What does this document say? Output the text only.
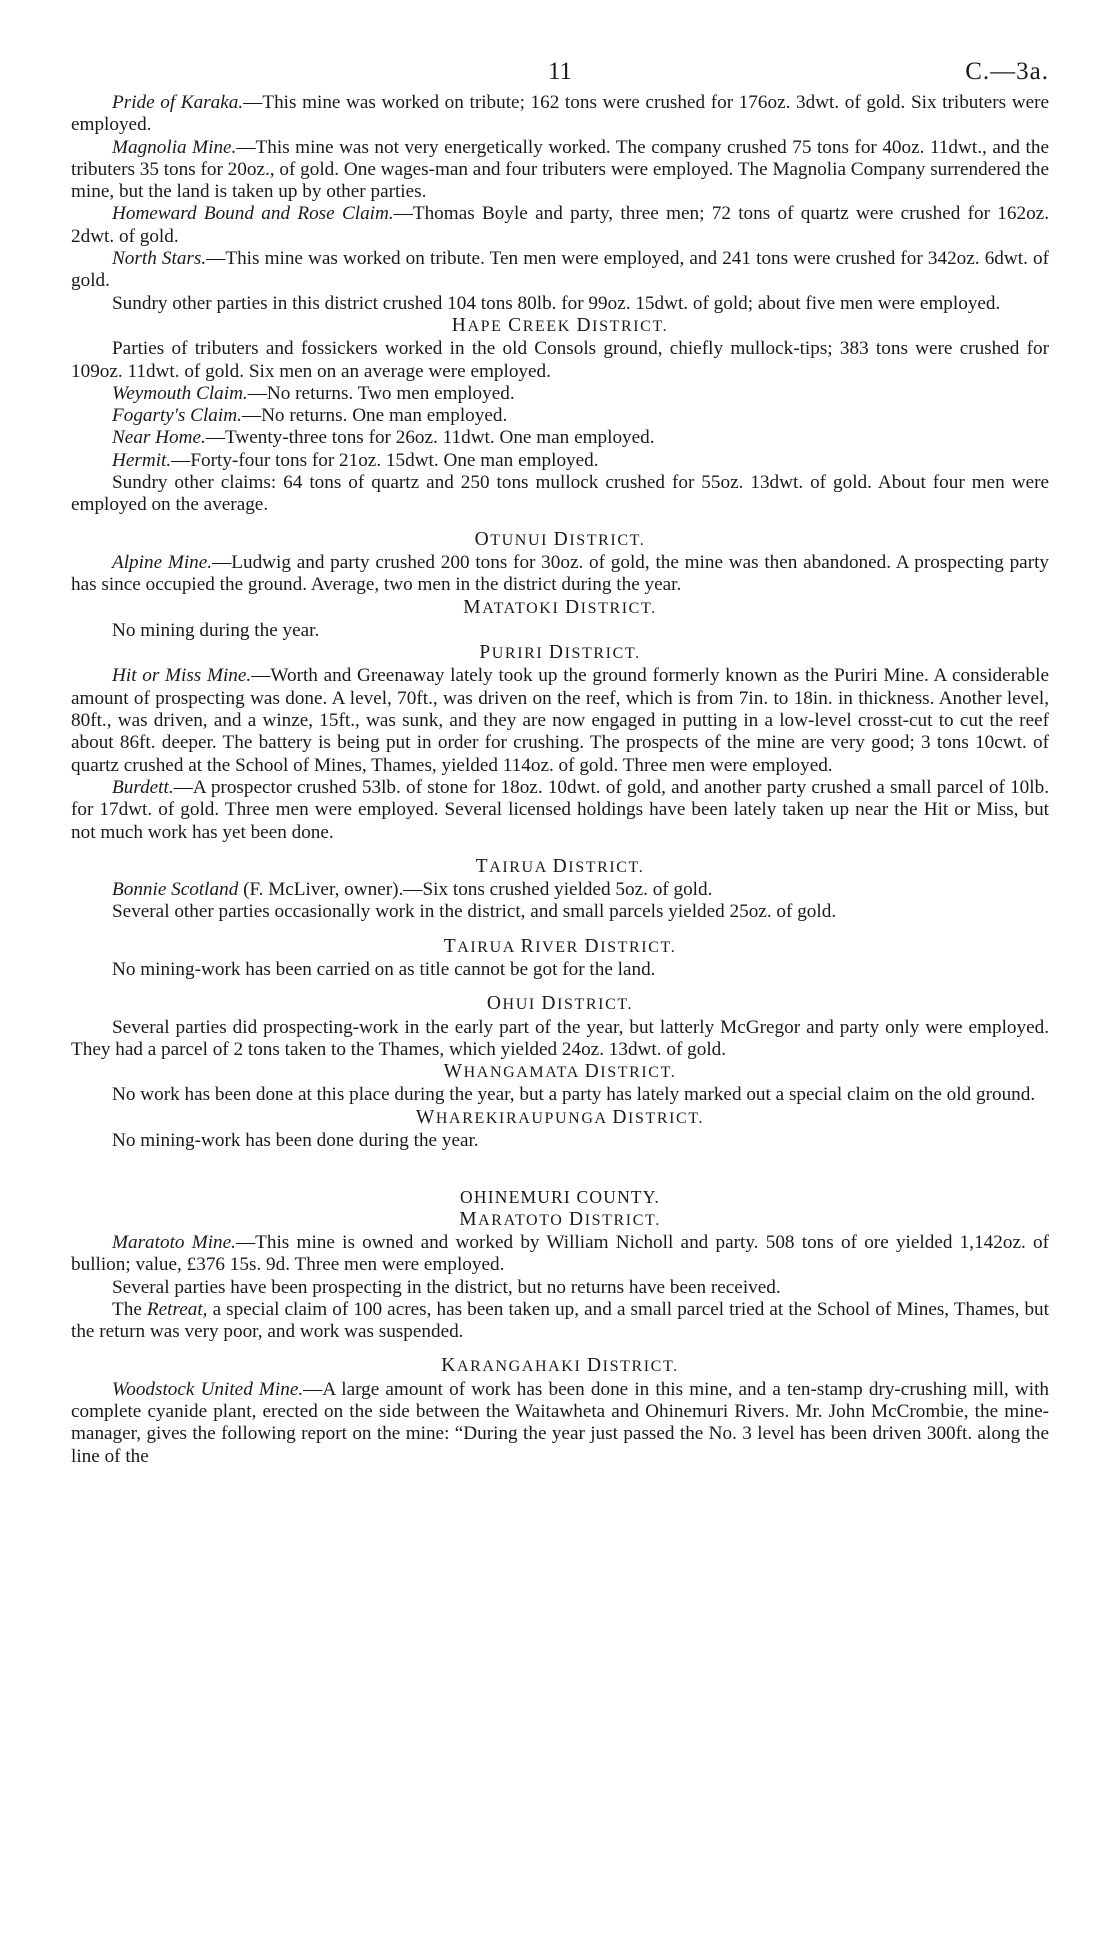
11	C.—3a.

Pride of Karaka.—This mine was worked on tribute; 162 tons were crushed for 176oz. 3dwt. of gold. Six tributers were employed.

Magnolia Mine.—This mine was not very energetically worked. The company crushed 75 tons for 40oz. 11dwt., and the tributers 35 tons for 20oz., of gold. One wages-man and four tributers were employed. The Magnolia Company surrendered the mine, but the land is taken up by other parties.

Homeward Bound and Rose Claim.—Thomas Boyle and party, three men; 72 tons of quartz were crushed for 162oz. 2dwt. of gold.

North Stars.—This mine was worked on tribute. Ten men were employed, and 241 tons were crushed for 342oz. 6dwt. of gold.

Sundry other parties in this district crushed 104 tons 80lb. for 99oz. 15dwt. of gold; about five men were employed.

HAPE CREEK DISTRICT.

Parties of tributers and fossickers worked in the old Consols ground, chiefly mullock-tips; 383 tons were crushed for 109oz. 11dwt. of gold. Six men on an average were employed.

Weymouth Claim.—No returns. Two men employed.

Fogarty's Claim.—No returns. One man employed.

Near Home.—Twenty-three tons for 26oz. 11dwt. One man employed.

Hermit.—Forty-four tons for 21oz. 15dwt. One man employed.

Sundry other claims: 64 tons of quartz and 250 tons mullock crushed for 55oz. 13dwt. of gold. About four men were employed on the average.

OTUNUI DISTRICT.

Alpine Mine.—Ludwig and party crushed 200 tons for 30oz. of gold, the mine was then abandoned. A prospecting party has since occupied the ground. Average, two men in the district during the year.

MATATOKI DISTRICT.

No mining during the year.

PURIRI DISTRICT.

Hit or Miss Mine.—Worth and Greenaway lately took up the ground formerly known as the Puriri Mine. A considerable amount of prospecting was done. A level, 70ft., was driven on the reef, which is from 7in. to 18in. in thickness. Another level, 80ft., was driven, and a winze, 15ft., was sunk, and they are now engaged in putting in a low-level crosst-cut to cut the reef about 86ft. deeper. The battery is being put in order for crushing. The prospects of the mine are very good; 3 tons 10cwt. of quartz crushed at the School of Mines, Thames, yielded 114oz. of gold. Three men were employed.

Burdett.—A prospector crushed 53lb. of stone for 18oz. 10dwt. of gold, and another party crushed a small parcel of 10lb. for 17dwt. of gold. Three men were employed. Several licensed holdings have been lately taken up near the Hit or Miss, but not much work has yet been done.

TAIRUA DISTRICT.

Bonnie Scotland (F. McLiver, owner).—Six tons crushed yielded 5oz. of gold.

Several other parties occasionally work in the district, and small parcels yielded 25oz. of gold.

TAIRUA RIVER DISTRICT.

No mining-work has been carried on as title cannot be got for the land.

OHUI DISTRICT.

Several parties did prospecting-work in the early part of the year, but latterly McGregor and party only were employed. They had a parcel of 2 tons taken to the Thames, which yielded 24oz. 13dwt. of gold.

WHANGAMATA DISTRICT.

No work has been done at this place during the year, but a party has lately marked out a special claim on the old ground.

WHAREKIRAUPUNGA DISTRICT.

No mining-work has been done during the year.

OHINEMURI COUNTY.
MARATOTO DISTRICT.

Maratoto Mine.—This mine is owned and worked by William Nicholl and party. 508 tons of ore yielded 1,142oz. of bullion; value, £376 15s. 9d. Three men were employed.

Several parties have been prospecting in the district, but no returns have been received.

The Retreat, a special claim of 100 acres, has been taken up, and a small parcel tried at the School of Mines, Thames, but the return was very poor, and work was suspended.

KARANGAHAKI DISTRICT.

Woodstock United Mine.—A large amount of work has been done in this mine, and a ten-stamp dry-crushing mill, with complete cyanide plant, erected on the side between the Waitawheta and Ohinemuri Rivers. Mr. John McCrombie, the mine-manager, gives the following report on the mine: “During the year just passed the No. 3 level has been driven 300ft. along the line of the
